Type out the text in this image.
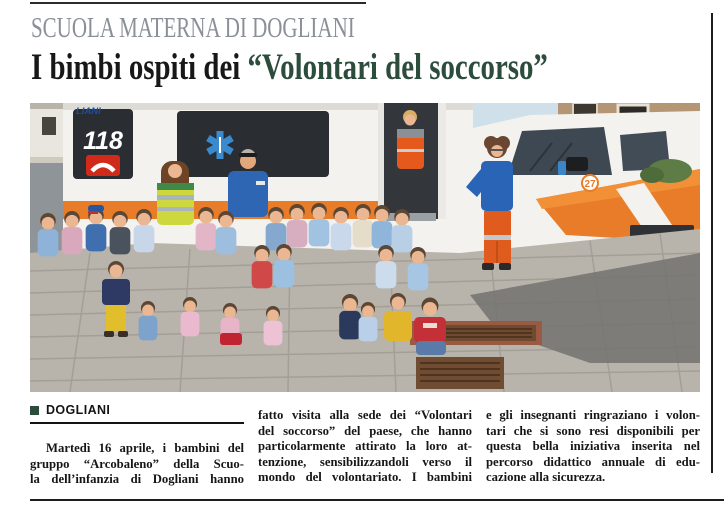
SCUOLA MATERNA DI DOGLIANI
I bimbi ospiti dei “Volontari del soccorso”
118
LIANI
27
DOGLIANI
Martedì 16 aprile, i bambini del
gruppo “Arcobaleno” della Scuo-
la dell’infanzia di Dogliani hanno
fatto visita alla sede dei “Volontari
del soccorso” del paese, che hanno
particolarmente attirato la loro at-
tenzione, sensibilizzandoli verso il
mondo del volontariato. I bambini
e gli insegnanti ringraziano i volon-
tari che si sono resi disponibili per
questa bella iniziativa inserita nel
percorso didattico annuale di edu-
cazione alla sicurezza.
